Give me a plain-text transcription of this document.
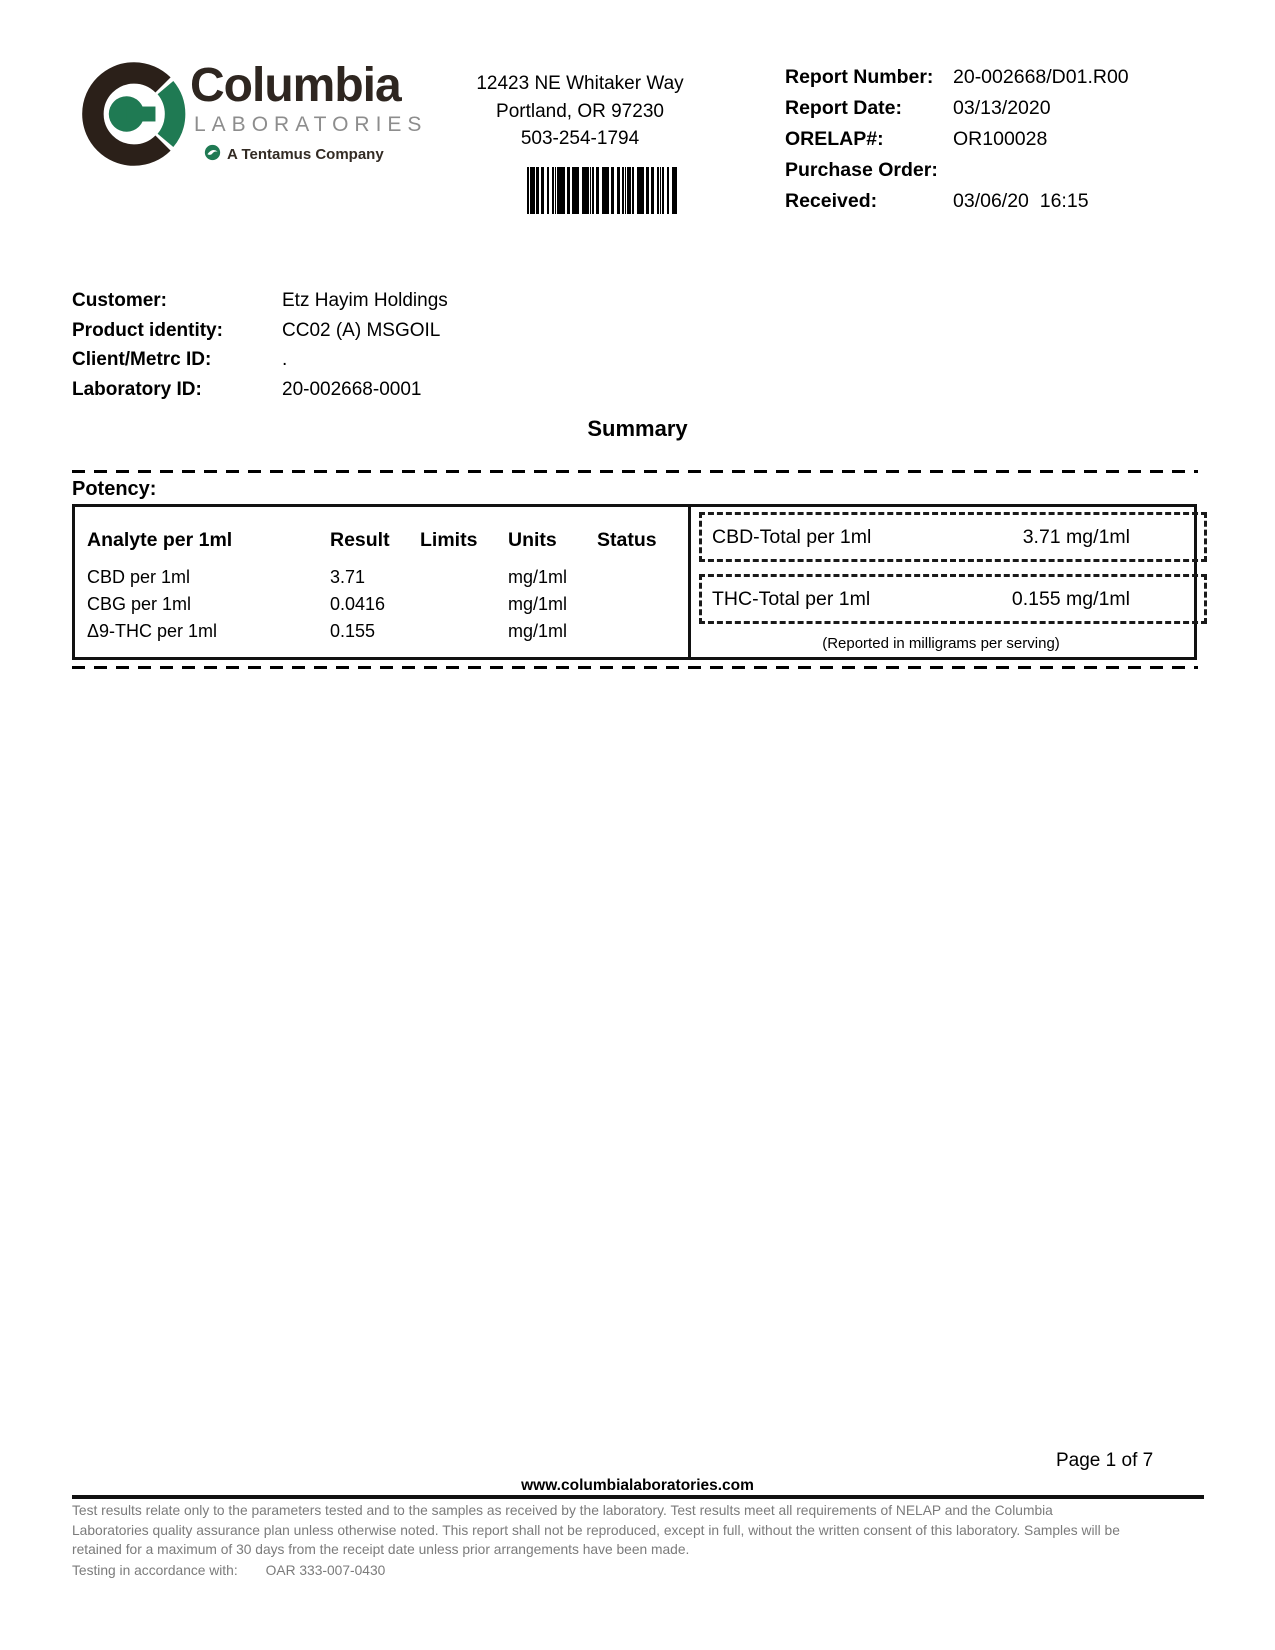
Columbia
LABORATORIES
A Tentamus Company
12423 NE Whitaker Way
Portland, OR 97230
503-254-1794
Report Number:	20-002668/D01.R00
Report Date:	03/13/2020
ORELAP#:	OR100028
Purchase Order:
Received:	03/06/20  16:15
Customer:	Etz Hayim Holdings
Product identity:	CC02 (A) MSGOIL
Client/Metrc ID:	.
Laboratory ID:	20-002668-0001
Summary
Potency:
Analyte per 1ml	Result Limits Units Status
CBD per 1ml	3.71	mg/1ml
CBG per 1ml	0.0416	mg/1ml
Δ9-THC per 1ml	0.155	mg/1ml
CBD-Total per 1ml	3.71 mg/1ml
THC-Total per 1ml	0.155 mg/1ml
(Reported in milligrams per serving)
Page 1 of 7
www.columbialaboratories.com
Test results relate only to the parameters tested and to the samples as received by the laboratory. Test results meet all requirements of NELAP and the Columbia Laboratories quality assurance plan unless otherwise noted. This report shall not be reproduced, except in full, without the written consent of this laboratory. Samples will be retained for a maximum of 30 days from the receipt date unless prior arrangements have been made.
Testing in accordance with: OAR 333-007-0430
